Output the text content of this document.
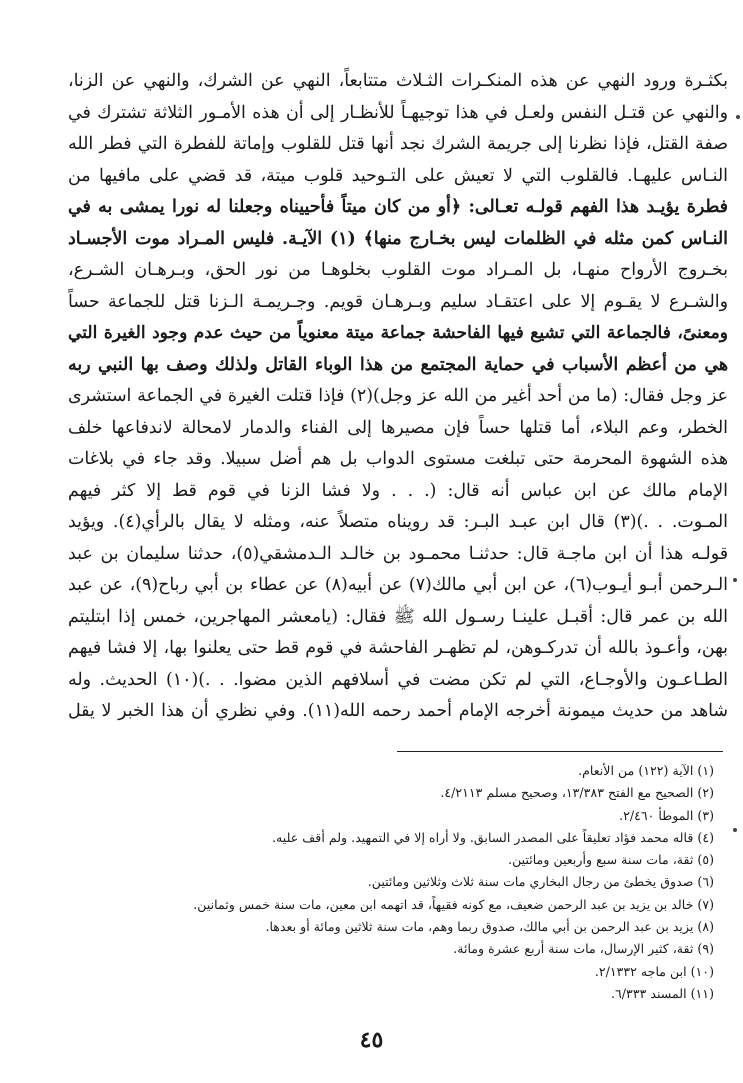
بكثـرة ورود النهي عن هذه المنكـرات الثـلاث متتابعاً، النهي عن الشرك، والنهي عن الزنا،
والنهي عن قتـل النفس ولعـل في هذا توجيهـاً للأنظـار إلى أن هذه الأمـور الثلاثة تشترك في
صفة القتل، فإذا نظرنا إلى جريمة الشرك نجد أنها قتل للقلوب وإماتة للفطرة التي فطر الله
النـاس عليهـا. فالقلوب التي لا تعيش على التـوحيد قلوب ميتة، قد قضي على مافيها من
فطرة يؤيـد هذا الفهم قولـه تعـالى: ﴿أو من كان ميتاً فأحييناه وجعلنا له نورا يمشى به في
النـاس كمن مثله في الظلمات ليس بخـارج منها﴾ (١) الآيـة. فليس المـراد موت الأجسـاد
بخـروج الأرواح منهـا، بل المـراد موت القلوب بخلوهـا من نور الحق، وبـرهـان الشـرع،
والشـرع لا يقـوم إلا على اعتقـاد سليم وبـرهـان قويم. وجـريمـة الـزنا قتل للجماعة حساً
ومعنىً، فالجماعة التي تشيع فيها الفاحشة جماعة ميتة معنوياً من حيث عدم وجود الغيرة التي
هي من أعظم الأسباب في حماية المجتمع من هذا الوباء القاتل ولذلك وصف بها النبي ربه
عز وجل فقال: (ما من أحد أغير من الله عز وجل)(٢) فإذا قتلت الغيرة في الجماعة استشرى
الخطر، وعم البلاء، أما قتلها حساً فإن مصيرها إلى الفناء والدمار لامحالة لاندفاعها خلف
هذه الشهوة المحرمة حتى تبلغت مستوى الدواب بل هم أضل سبيلا. وقد جاء في بلاغات
الإمام مالك عن ابن عباس أنه قال: (. . . ولا فشا الزنا في قوم قط إلا كثر فيهم
المـوت. . .)(٣) قال ابن عبـد البـر: قد رويناه متصلاً عنه، ومثله لا يقال بالرأي(٤). ويؤيد
قولـه هذا أن ابن ماجـة قال: حدثنـا محمـود بن خالـد الـدمشقي(٥)، حدثنا سليمان بن عبد
الـرحمن أبـو أيـوب(٦)، عن ابن أبي مالك(٧) عن أبيه(٨) عن عطاء بن أبي رباح(٩)، عن عبد
الله بن عمر قال: أقبـل علينـا رسـول الله ﷺ فقال: (يامعشر المهاجرين، خمس إذا ابتليتم
بهن، وأعـوذ بالله أن تدركـوهن، لم تظهـر الفاحشة في قوم قط حتى يعلنوا بها، إلا فشا فيهم
الطـاعـون والأوجـاع، التي لم تكن مضت في أسلافهم الذين مضوا. . .)(١٠) الحديث. وله
شاهد من حديث ميمونة أخرجه الإمام أحمد رحمه الله(١١). وفي نظري أن هذا الخبر لا يقل
(١) الآية (١٢٢) من الأنعام.
(٢) الصحيح مع الفتح ١٣/٣٨٣، وصحيح مسلم ٤/٢١١٣.
(٣) الموطأ ٢/٤٦٠.
(٤) قاله محمد فؤاد تعليقاً على المصدر السابق. ولا أراه إلا في التمهيد. ولم أقف عليه.
(٥) ثقة، مات سنة سبع وأربعين ومائتين.
(٦) صدوق يخطئ من رجال البخاري مات سنة ثلاث وثلاثين ومائتين.
(٧) خالد بن يزيد بن عبد الرحمن ضعيف، مع كونه فقيهاً، قد اتهمه ابن معين، مات سنة خمس وثمانين.
(٨) يزيد بن عبد الرحمن بن أبي مالك، صدوق ربما وهم، مات سنة ثلاثين ومائة أو بعدها.
(٩) ثقة، كثير الإرسال، مات سنة أربع عشرة ومائة.
(١٠) ابن ماجه ٢/١٣٣٢.
(١١) المسند ٦/٣٣٣.
٤٥
